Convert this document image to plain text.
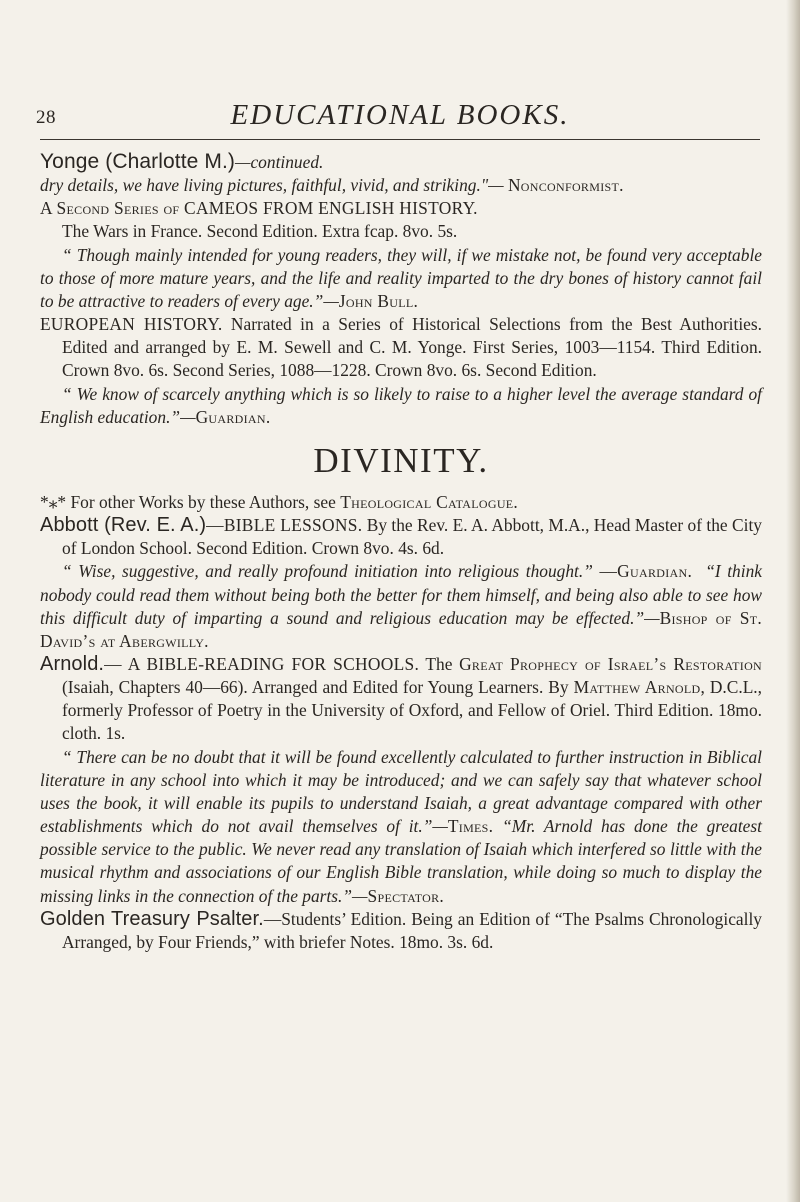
28	EDUCATIONAL BOOKS.

Yonge (Charlotte M.)—continued.

dry details, we have living pictures, faithful, vivid, and striking."— Nonconformist.

A Second Series of CAMEOS FROM ENGLISH HISTORY.

The Wars in France. Second Edition. Extra fcap. 8vo. 5s.

“ Though mainly intended for young readers, they will, if we mistake not, be found very acceptable to those of more mature years, and the life and reality imparted to the dry bones of history cannot fail to be attractive to readers of every age.”—John Bull.

EUROPEAN HISTORY. Narrated in a Series of Historical Selections from the Best Authorities. Edited and arranged by E. M. Sewell and C. M. Yonge. First Series, 1003—1154. Third Edition. Crown 8vo. 6s. Second Series, 1088—1228. Crown 8vo. 6s. Second Edition.

“ We know of scarcely anything which is so likely to raise to a higher level the average standard of English education.”—Guardian.

DIVINITY.

*⁎* For other Works by these Authors, see Theological Catalogue.

Abbott (Rev. E. A.)—BIBLE LESSONS. By the Rev. E. A. Abbott, M.A., Head Master of the City of London School. Second Edition. Crown 8vo. 4s. 6d.

“ Wise, suggestive, and really profound initiation into religious thought.” —Guardian. “I think nobody could read them without being both the better for them himself, and being also able to see how this difficult duty of imparting a sound and religious education may be effected.”—Bishop of St. David’s at Abergwilly.

Arnold.— A BIBLE-READING FOR SCHOOLS. The Great Prophecy of Israel’s Restoration (Isaiah, Chapters 40—66). Arranged and Edited for Young Learners. By Matthew Arnold, D.C.L., formerly Professor of Poetry in the University of Oxford, and Fellow of Oriel. Third Edition. 18mo. cloth. 1s.

“ There can be no doubt that it will be found excellently calculated to further instruction in Biblical literature in any school into which it may be introduced; and we can safely say that whatever school uses the book, it will enable its pupils to understand Isaiah, a great advantage compared with other establishments which do not avail themselves of it.”—Times. “Mr. Arnold has done the greatest possible service to the public. We never read any translation of Isaiah which interfered so little with the musical rhythm and associations of our English Bible translation, while doing so much to display the missing links in the connection of the parts.”—Spectator.

Golden Treasury Psalter.—Students’ Edition. Being an Edition of “The Psalms Chronologically Arranged, by Four Friends,” with briefer Notes. 18mo. 3s. 6d.
